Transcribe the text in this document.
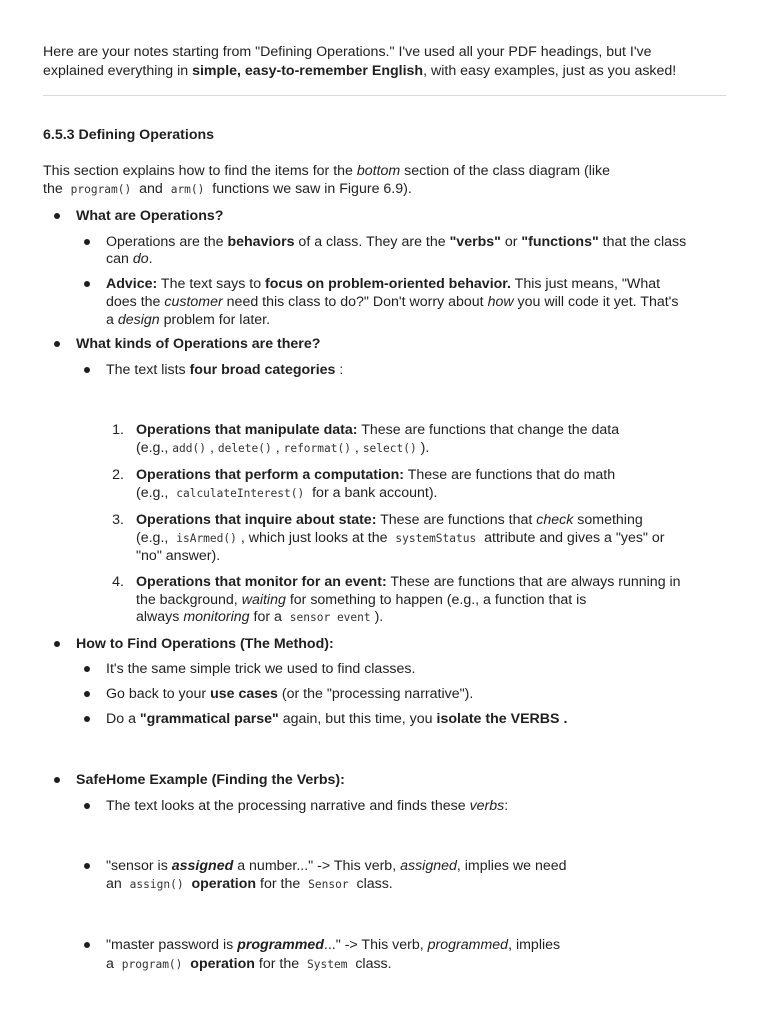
Here are your notes starting from "Defining Operations." I've used all your PDF headings, but I've
explained everything in simple, easy-to-remember English, with easy examples, just as you asked!
6.5.3 Defining Operations
This section explains how to find the items for the bottom section of the class diagram (like
the program() and arm() functions we saw in Figure 6.9).
What are Operations?
Operations are the behaviors of a class. They are the "verbs" or "functions" that the class
can do.
Advice: The text says to focus on problem-oriented behavior. This just means, "What
does the customer need this class to do?" Don't worry about how you will code it yet. That's
a design problem for later.
What kinds of Operations are there?
The text lists four broad categories :
1. Operations that manipulate data: These are functions that change the data
(e.g., add() , delete() , reformat() , select() ).
2. Operations that perform a computation: These are functions that do math
(e.g., calculateInterest() for a bank account).
3. Operations that inquire about state: These are functions that check something
(e.g., isArmed() , which just looks at the systemStatus attribute and gives a "yes" or
"no" answer).
4. Operations that monitor for an event: These are functions that are always running in
the background, waiting for something to happen (e.g., a function that is
always monitoring for a sensor event ).
How to Find Operations (The Method):
It's the same simple trick we used to find classes.
Go back to your use cases (or the "processing narrative").
Do a "grammatical parse" again, but this time, you isolate the VERBS .
SafeHome Example (Finding the Verbs):
The text looks at the processing narrative and finds these verbs:
"sensor is assigned a number..." -> This verb, assigned, implies we need
an assign() operation for the Sensor class.
"master password is programmed..." -> This verb, programmed, implies
a program() operation for the System class.
